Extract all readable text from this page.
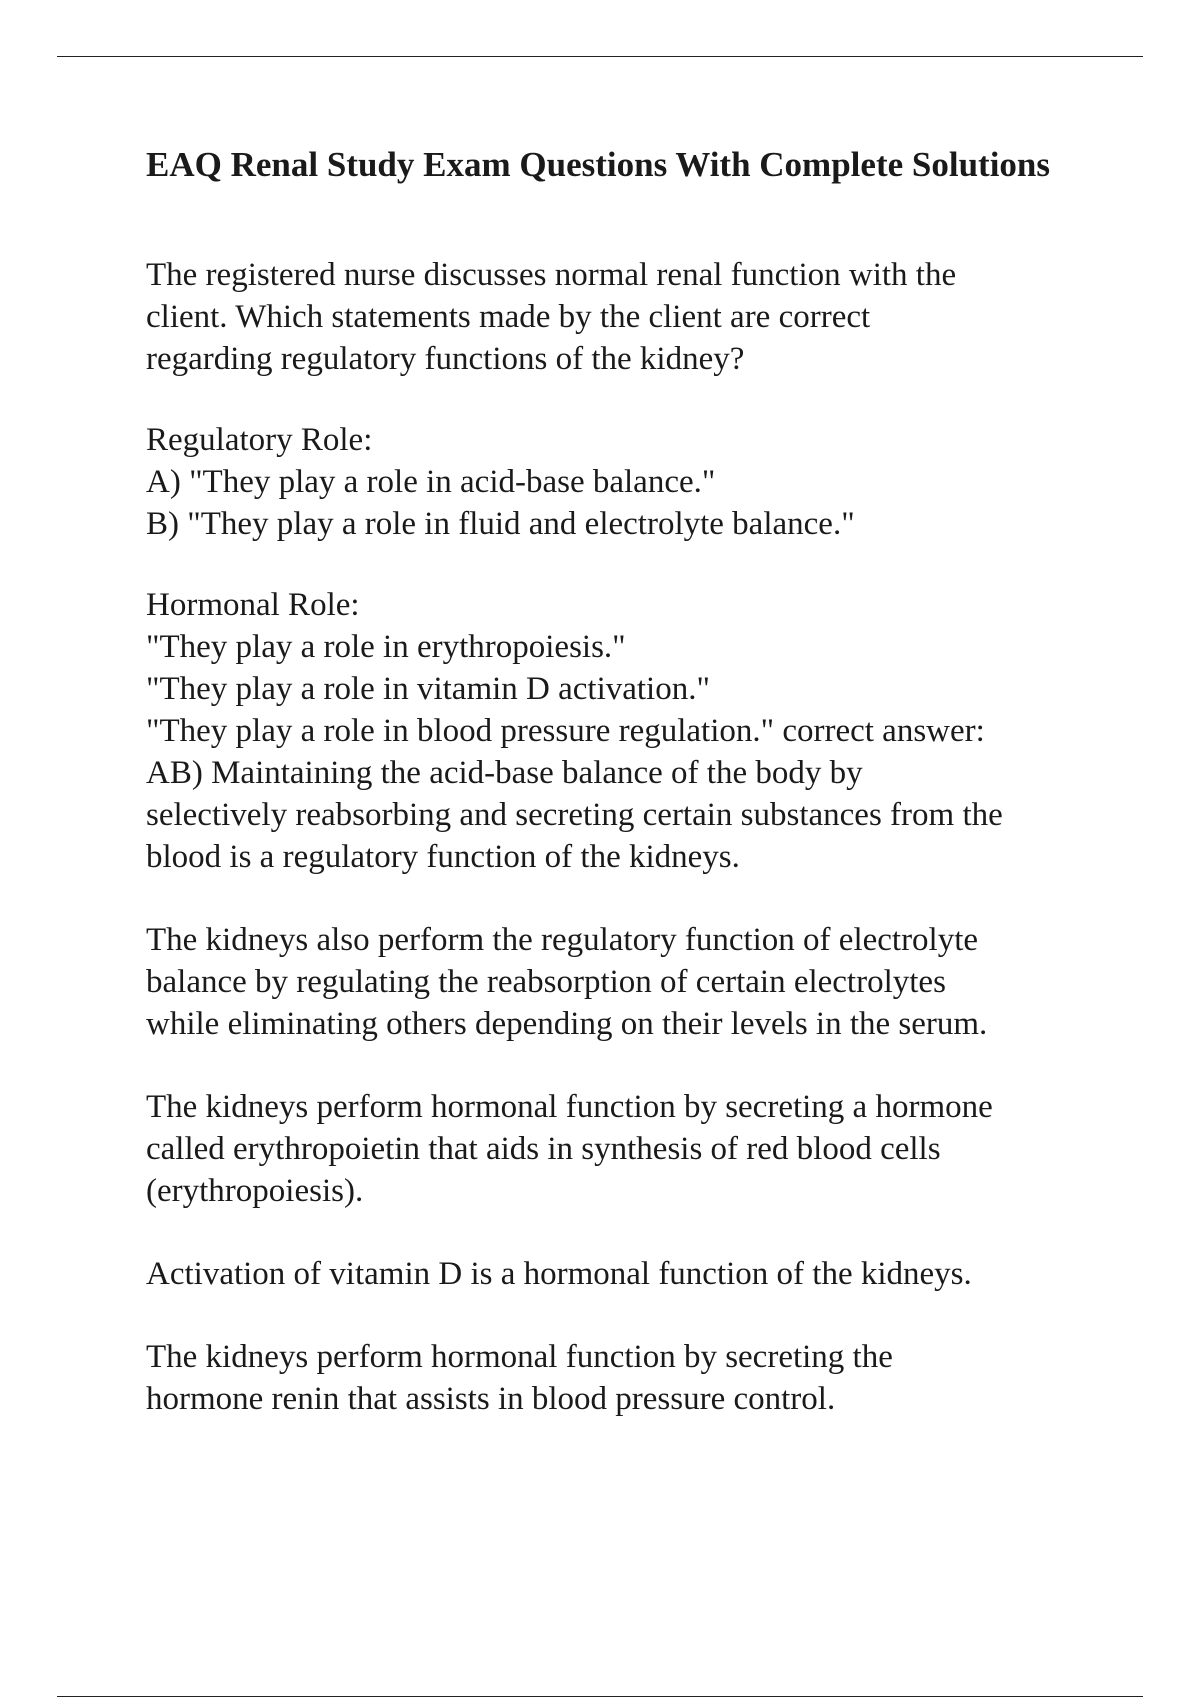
EAQ Renal Study Exam Questions With Complete Solutions

The registered nurse discusses normal renal function with the
client. Which statements made by the client are correct
regarding regulatory functions of the kidney?

Regulatory Role:
A) "They play a role in acid-base balance."
B) "They play a role in fluid and electrolyte balance."

Hormonal Role:
"They play a role in erythropoiesis."
"They play a role in vitamin D activation."
"They play a role in blood pressure regulation." correct answer:
AB) Maintaining the acid-base balance of the body by
selectively reabsorbing and secreting certain substances from the
blood is a regulatory function of the kidneys.

The kidneys also perform the regulatory function of electrolyte
balance by regulating the reabsorption of certain electrolytes
while eliminating others depending on their levels in the serum.

The kidneys perform hormonal function by secreting a hormone
called erythropoietin that aids in synthesis of red blood cells
(erythropoiesis).

Activation of vitamin D is a hormonal function of the kidneys.

The kidneys perform hormonal function by secreting the
hormone renin that assists in blood pressure control.
